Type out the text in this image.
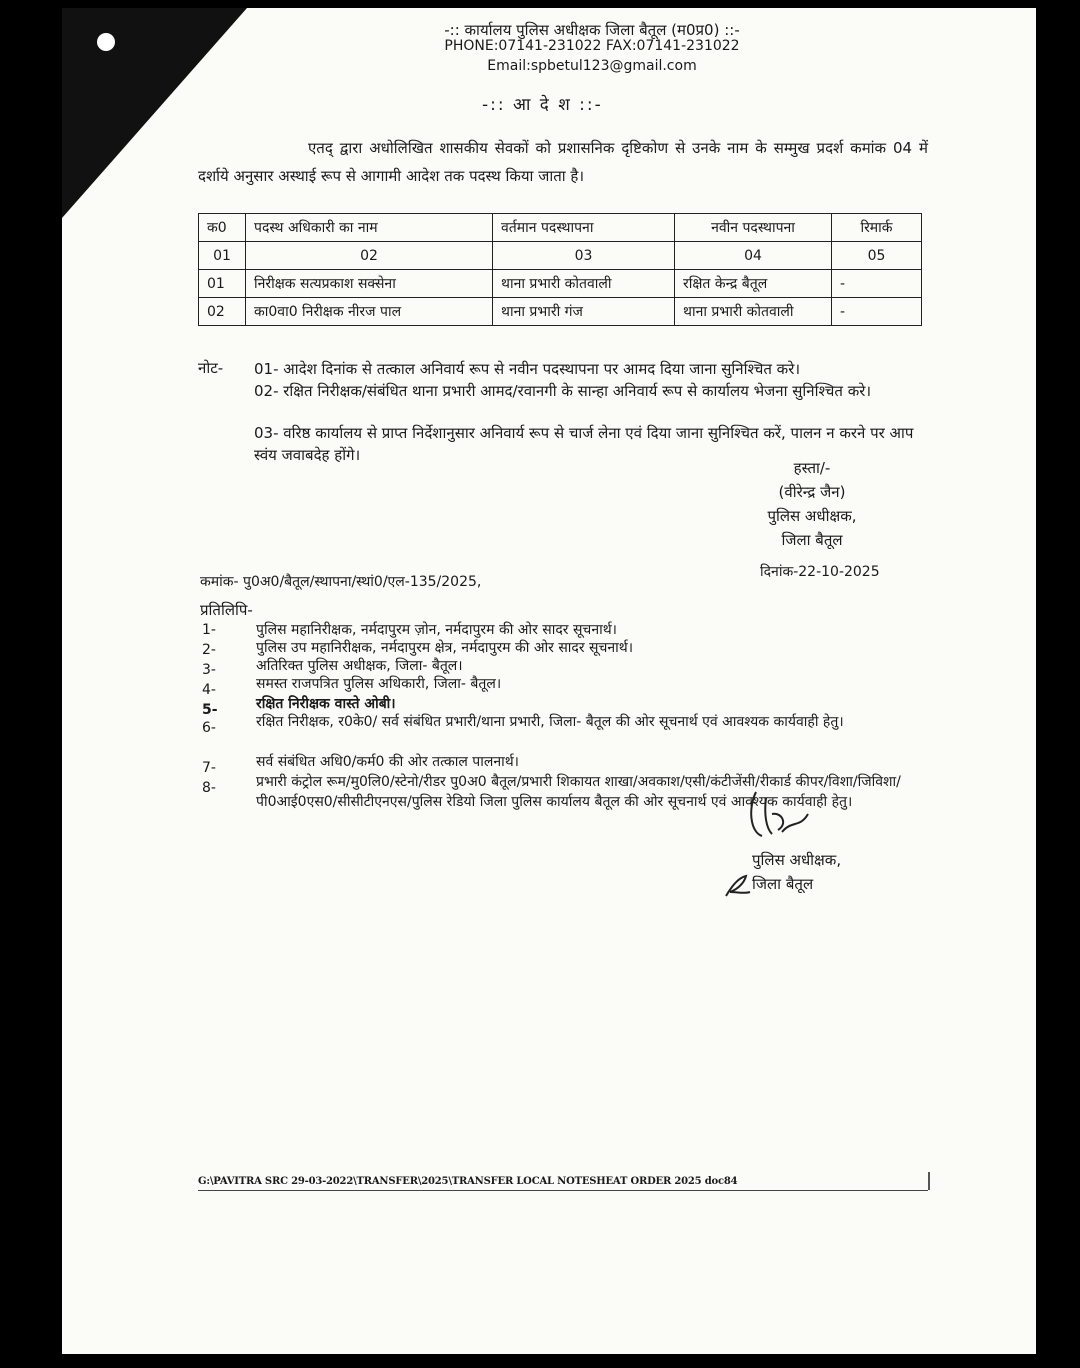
-:: कार्यालय पुलिस अधीक्षक जिला बैतूल (म0प्र0) ::-
PHONE:07141-231022 FAX:07141-231022
Email:spbetul123@gmail.com
-:: आ दे श ::-
एतद् द्वारा अधोलिखित शासकीय सेवकों को प्रशासनिक दृष्टिकोण से उनके नाम के सम्मुख प्रदर्श कमांक 04 में दर्शाये अनुसार अस्थाई रूप से आगामी आदेश तक पदस्थ किया जाता है।
क0	पदस्थ अधिकारी का नाम	वर्तमान पदस्थापना	नवीन पदस्थापना	रिमार्क
01	02	03	04	05
01	निरीक्षक सत्यप्रकाश सक्सेना	थाना प्रभारी कोतवाली	रक्षित केन्द्र बैतूल	-
02	का0वा0 निरीक्षक नीरज पाल	थाना प्रभारी गंज	थाना प्रभारी कोतवाली	-
नोट- 01- आदेश दिनांक से तत्काल अनिवार्य रूप से नवीन पदस्थापना पर आमद दिया जाना सुनिश्चित करे।
02- रक्षित निरीक्षक/संबंधित थाना प्रभारी आमद/रवानगी के सान्हा अनिवार्य रूप से कार्यालय भेजना सुनिश्चित करे।
03- वरिष्ठ कार्यालय से प्राप्त निर्देशानुसार अनिवार्य रूप से चार्ज लेना एवं दिया जाना सुनिश्चित करें, पालन न करने पर आप स्वंय जवाबदेह होंगे।
हस्ता/-
(वीरेन्द्र जैन)
पुलिस अधीक्षक,
जिला बैतूल
दिनांक-22-10-2025
कमांक- पु0अ0/बैतूल/स्थापना/स्थां0/एल-135/2025,
प्रतिलिपि-
1-	पुलिस महानिरीक्षक, नर्मदापुरम ज़ोन, नर्मदापुरम की ओर सादर सूचनार्थ।
2-	पुलिस उप महानिरीक्षक, नर्मदापुरम क्षेत्र, नर्मदापुरम की ओर सादर सूचनार्थ।
3-	अतिरिक्त पुलिस अधीक्षक, जिला- बैतूल।
4-	समस्त राजपत्रित पुलिस अधिकारी, जिला- बैतूल।
5-	रक्षित निरीक्षक वास्ते ओबी।
6-	रक्षित निरीक्षक, र0के0/ सर्व संबंधित प्रभारी/थाना प्रभारी, जिला- बैतूल की ओर सूचनार्थ एवं आवश्यक कार्यवाही हेतु।
7-	सर्व संबंधित अधि0/कर्म0 की ओर तत्काल पालनार्थ।
8-	प्रभारी कंट्रोल रूम/मु0लि0/स्टेनो/रीडर पु0अ0 बैतूल/प्रभारी शिकायत शाखा/अवकाश/एसी/कंटीजेंसी/रीकार्ड कीपर/विशा/जिविशा/पी0आई0एस0/सीसीटीएनएस/पुलिस रेडियो जिला पुलिस कार्यालय बैतूल की ओर सूचनार्थ एवं आवश्यक कार्यवाही हेतु।
पुलिस अधीक्षक,
जिला बैतूल
G:\PAVITRA SRC 29-03-2022\TRANSFER\2025\TRANSFER LOCAL NOTESHEAT ORDER 2025 doc84
